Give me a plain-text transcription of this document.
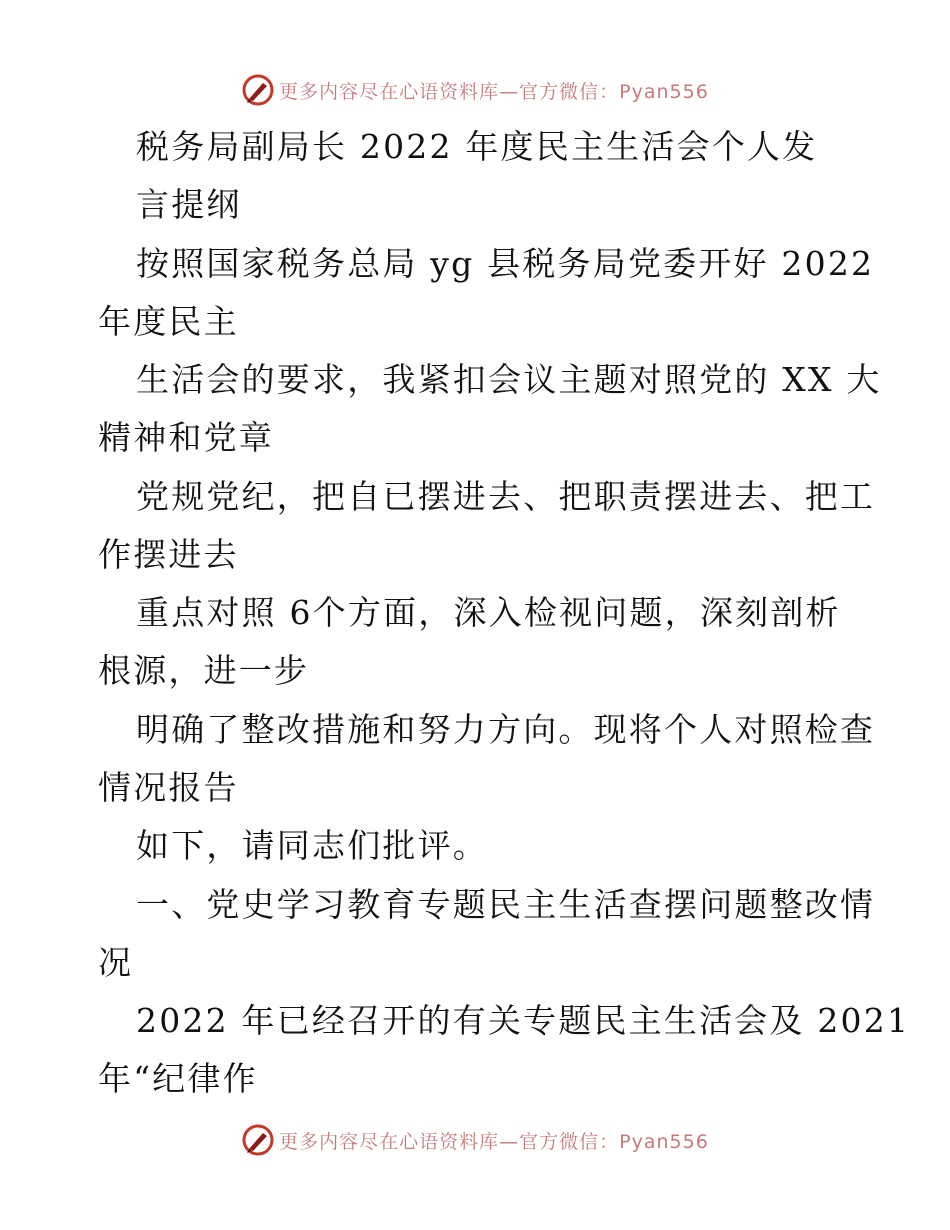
更多内容尽在心语资料库—官方微信：Pyan556
税务局副局长 2022 年度民主生活会个人发
言提纲
按照国家税务总局 yg 县税务局党委开好 2022
年度民主
生活会的要求，我紧扣会议主题对照党的 XX 大
精神和党章
党规党纪，把自已摆进去、把职责摆进去、把工
作摆进去
重点对照 6个方面，深入检视问题，深刻剖析
根源，进一步
明确了整改措施和努力方向。现将个人对照检查
情况报告
如下，请同志们批评。
一、党史学习教育专题民主生活查摆问题整改情
况
2022 年已经召开的有关专题民主生活会及 2021
年“纪律作
更多内容尽在心语资料库—官方微信：Pyan556
